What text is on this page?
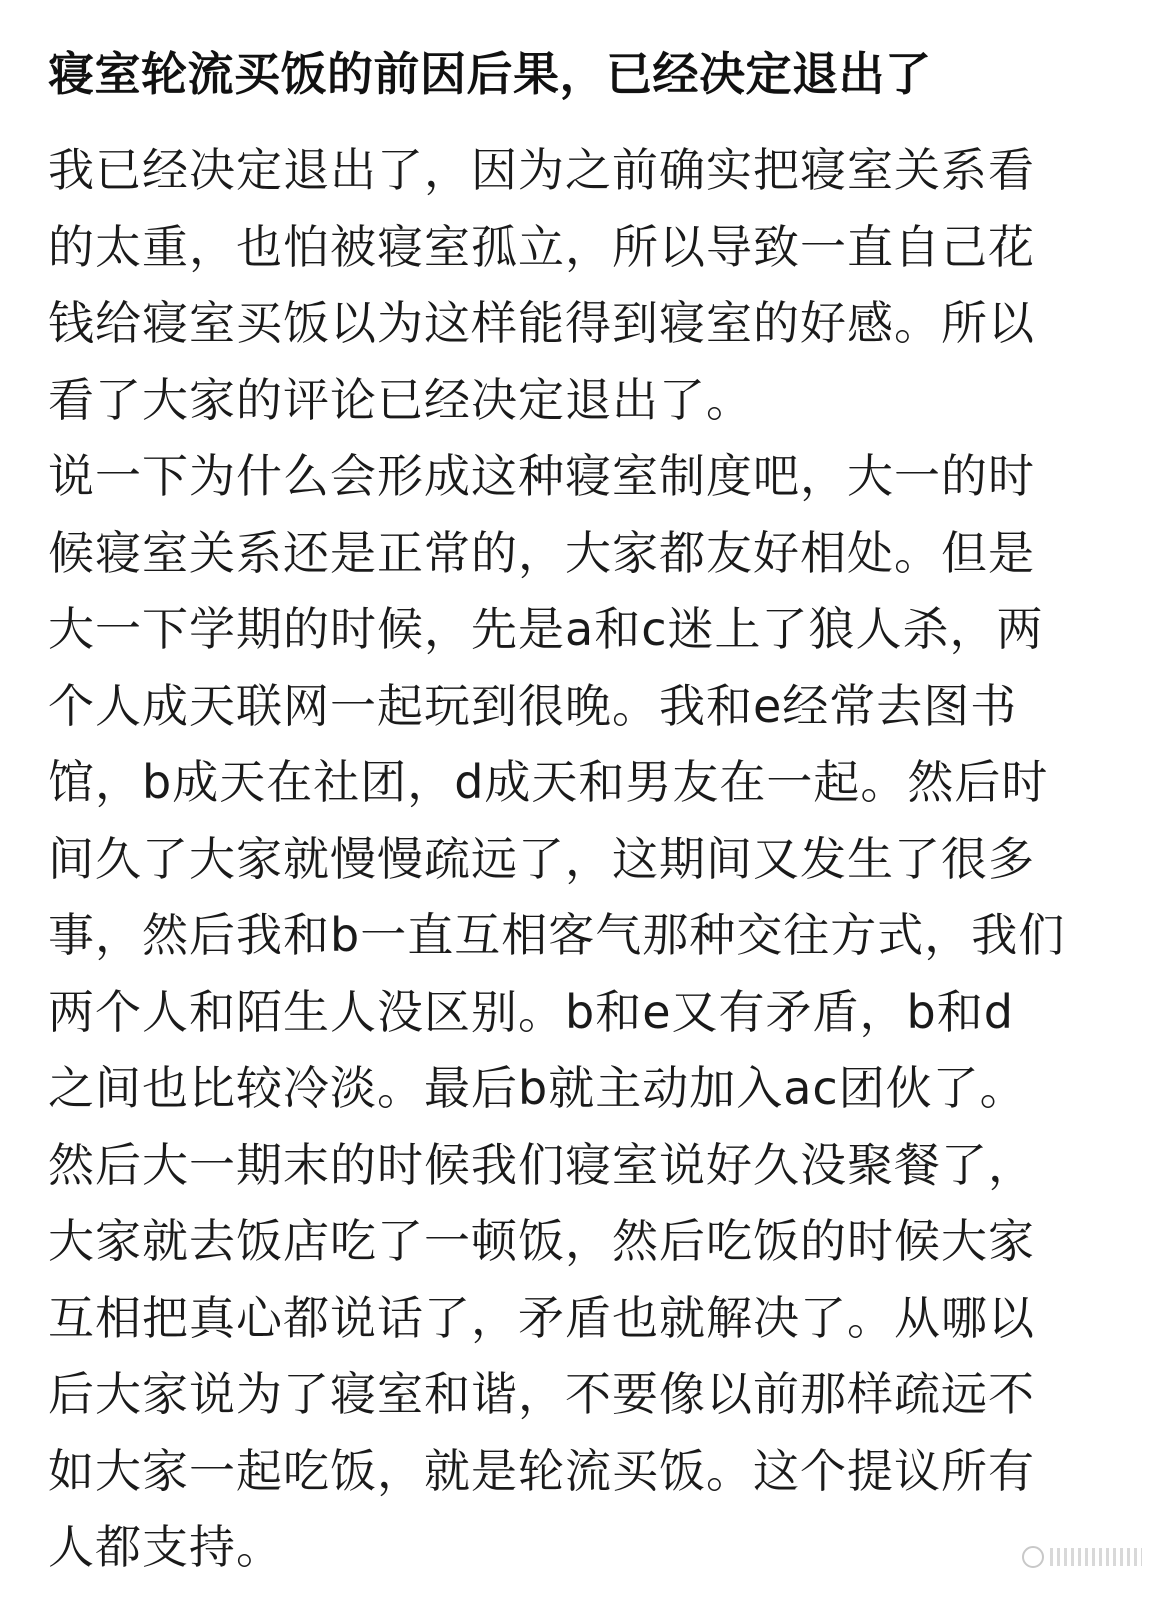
寝室轮流买饭的前因后果，已经决定退出了
我已经决定退出了，因为之前确实把寝室关系看
的太重，也怕被寝室孤立，所以导致一直自己花
钱给寝室买饭以为这样能得到寝室的好感。所以
看了大家的评论已经决定退出了。
说一下为什么会形成这种寝室制度吧，大一的时
候寝室关系还是正常的，大家都友好相处。但是
大一下学期的时候，先是a和c迷上了狼人杀，两
个人成天联网一起玩到很晚。我和e经常去图书
馆，b成天在社团，d成天和男友在一起。然后时
间久了大家就慢慢疏远了，这期间又发生了很多
事，然后我和b一直互相客气那种交往方式，我们
两个人和陌生人没区别。b和e又有矛盾，b和d
之间也比较冷淡。最后b就主动加入ac团伙了。
然后大一期末的时候我们寝室说好久没聚餐了，
大家就去饭店吃了一顿饭，然后吃饭的时候大家
互相把真心都说话了，矛盾也就解决了。从哪以
后大家说为了寝室和谐，不要像以前那样疏远不
如大家一起吃饭，就是轮流买饭。这个提议所有
人都支持。
